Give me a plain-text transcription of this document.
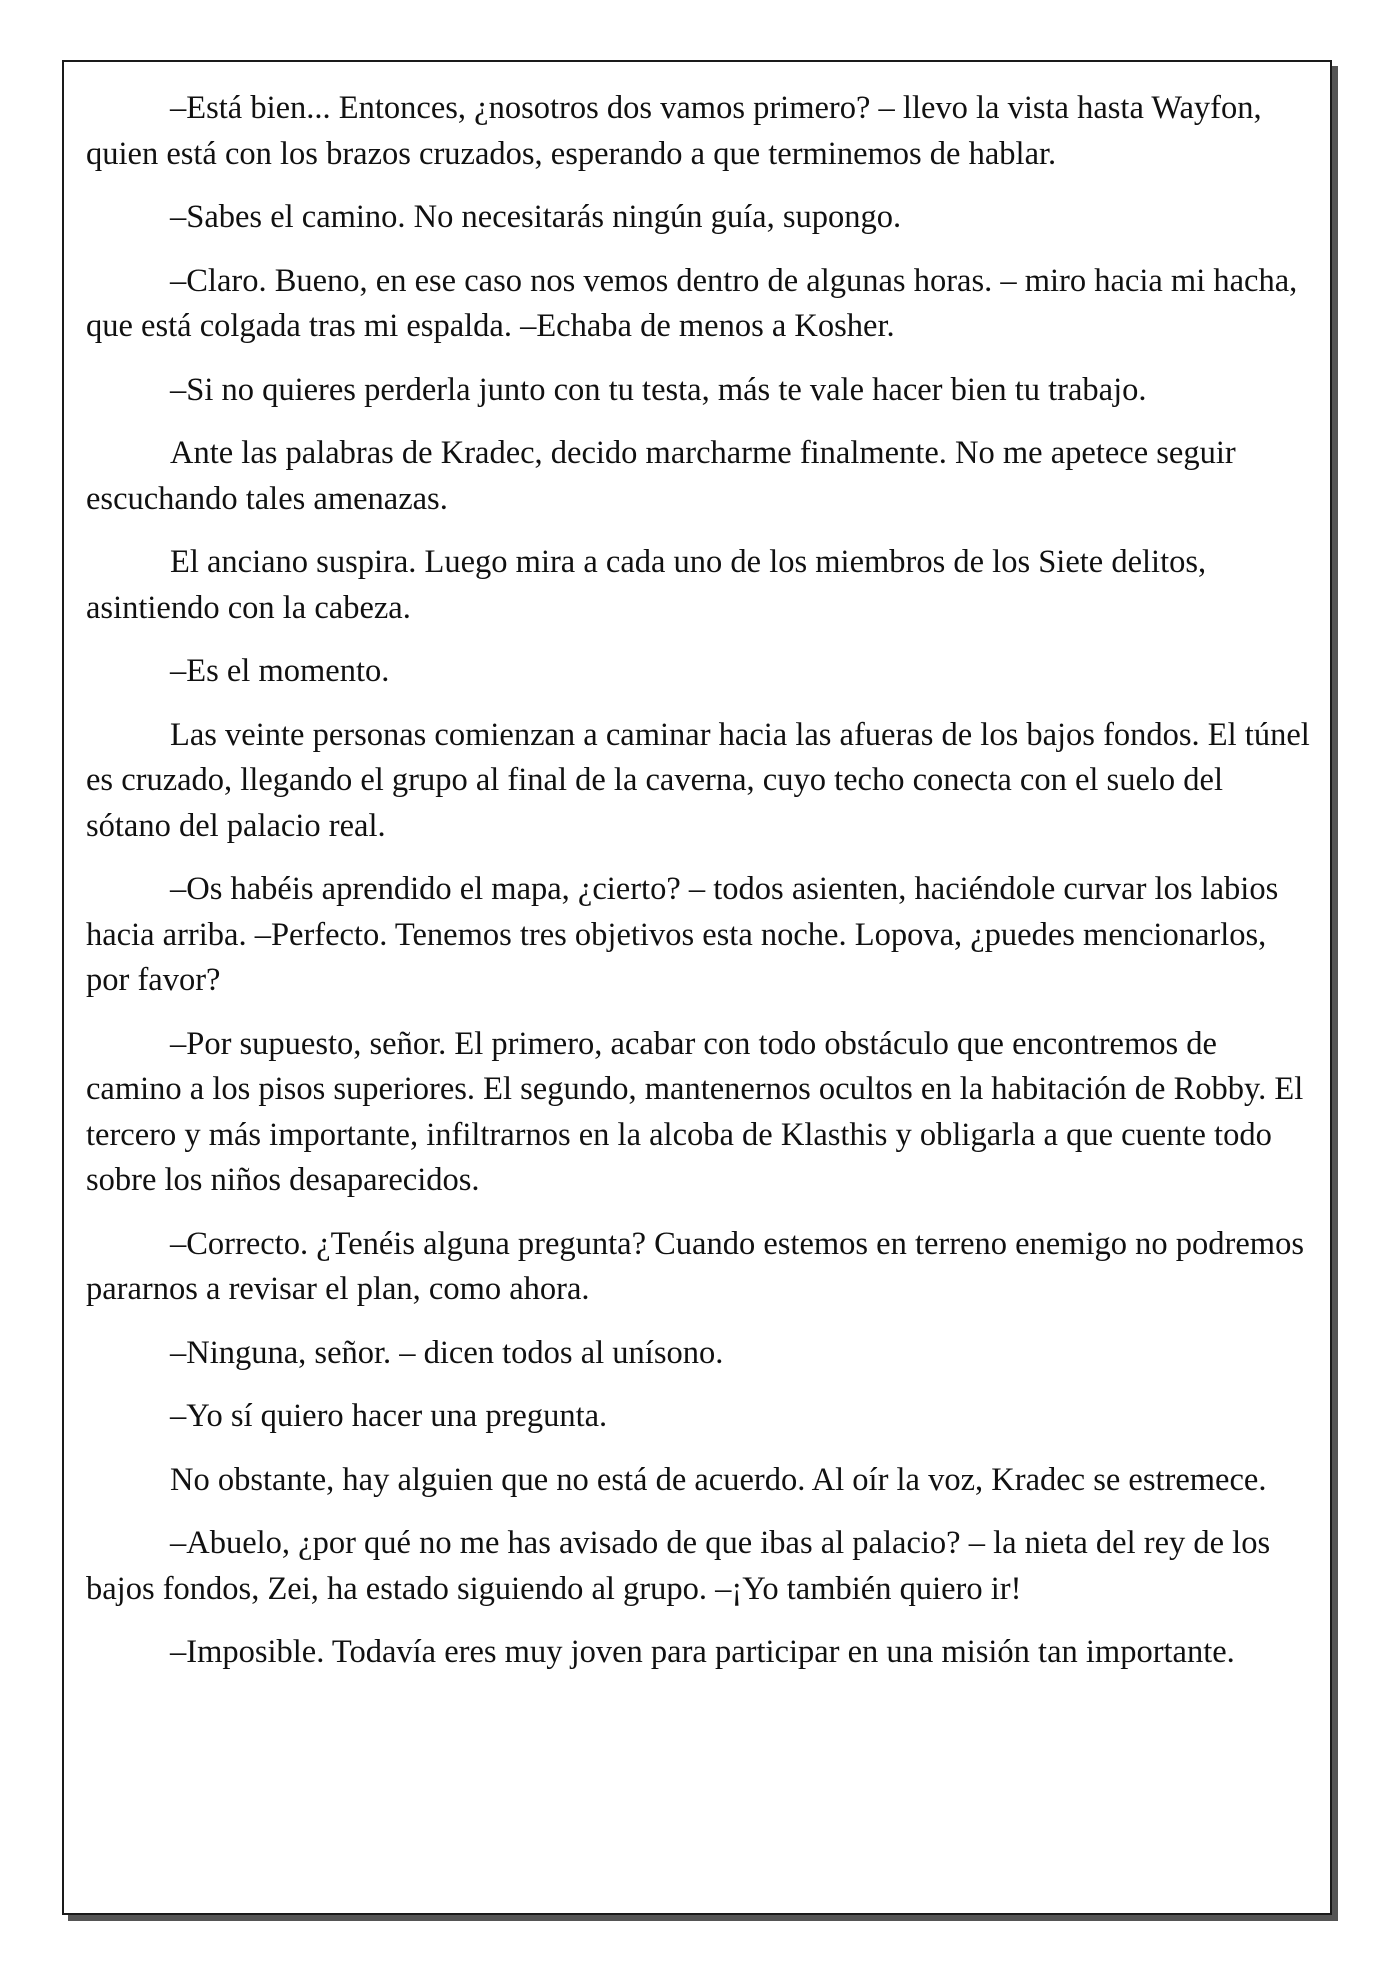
–Está bien... Entonces, ¿nosotros dos vamos primero? – llevo la vista hasta Wayfon, quien está con los brazos cruzados, esperando a que terminemos de hablar.

–Sabes el camino. No necesitarás ningún guía, supongo.

–Claro. Bueno, en ese caso nos vemos dentro de algunas horas. – miro hacia mi hacha, que está colgada tras mi espalda. –Echaba de menos a Kosher.

–Si no quieres perderla junto con tu testa, más te vale hacer bien tu trabajo.

Ante las palabras de Kradec, decido marcharme finalmente. No me apetece seguir escuchando tales amenazas.

El anciano suspira. Luego mira a cada uno de los miembros de los Siete delitos, asintiendo con la cabeza.

–Es el momento.

Las veinte personas comienzan a caminar hacia las afueras de los bajos fondos. El túnel es cruzado, llegando el grupo al final de la caverna, cuyo techo conecta con el suelo del sótano del palacio real.

–Os habéis aprendido el mapa, ¿cierto? – todos asienten, haciéndole curvar los labios hacia arriba. –Perfecto. Tenemos tres objetivos esta noche. Lopova, ¿puedes mencionarlos, por favor?

–Por supuesto, señor. El primero, acabar con todo obstáculo que encontremos de camino a los pisos superiores. El segundo, mantenernos ocultos en la habitación de Robby. El tercero y más importante, infiltrarnos en la alcoba de Klasthis y obligarla a que cuente todo sobre los niños desaparecidos.

–Correcto. ¿Tenéis alguna pregunta? Cuando estemos en terreno enemigo no podremos pararnos a revisar el plan, como ahora.

–Ninguna, señor. – dicen todos al unísono.

–Yo sí quiero hacer una pregunta.

No obstante, hay alguien que no está de acuerdo. Al oír la voz, Kradec se estremece.

–Abuelo, ¿por qué no me has avisado de que ibas al palacio? – la nieta del rey de los bajos fondos, Zei, ha estado siguiendo al grupo. –¡Yo también quiero ir!

–Imposible. Todavía eres muy joven para participar en una misión tan importante.
